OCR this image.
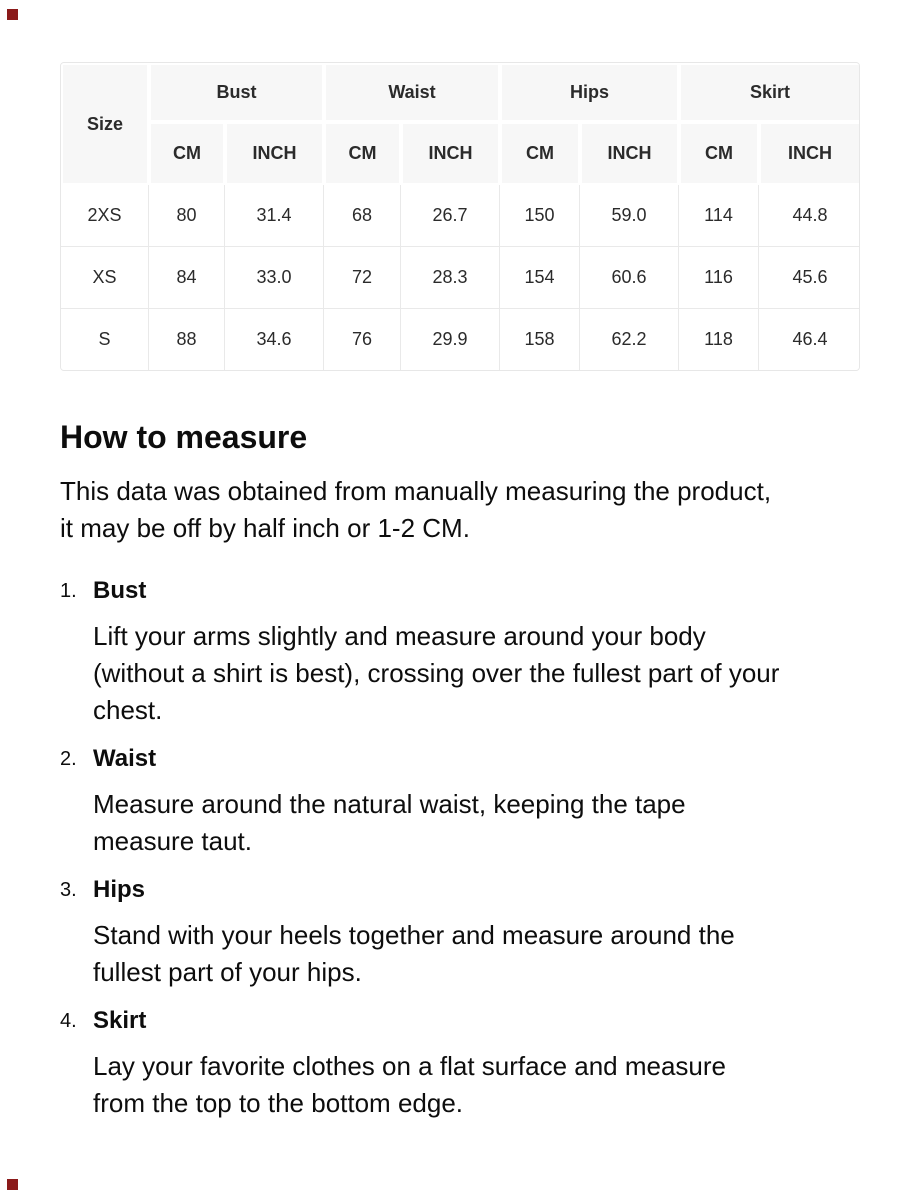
Size	Bust		Waist		Hips		Skirt	
	CM	INCH	CM	INCH	CM	INCH	CM	INCH
2XS	80	31.4	68	26.7	150	59.0	114	44.8
XS	84	33.0	72	28.3	154	60.6	116	45.6
S	88	34.6	76	29.9	158	62.2	118	46.4
How to measure

This data was obtained from manually measuring the product,
it may be off by half inch or 1-2 CM.

1. Bust

Lift your arms slightly and measure around your body
(without a shirt is best), crossing over the fullest part of your
chest.

2. Waist

Measure around the natural waist, keeping the tape
measure taut.

3. Hips

Stand with your heels together and measure around the
fullest part of your hips.

4. Skirt

Lay your favorite clothes on a flat surface and measure
from the top to the bottom edge.
